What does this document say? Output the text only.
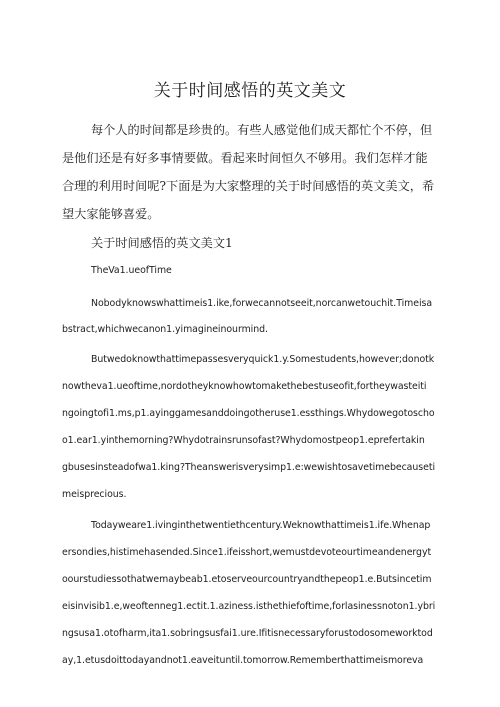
关于时间感悟的英文美文

每个人的时间都是珍贵的。有些人感觉他们成天都忙个不停，但

是他们还是有好多事情要做。看起来时间恒久不够用。我们怎样才能

合理的利用时间呢?下面是为大家整理的关于时间感悟的英文美文，希

望大家能够喜爱。

关于时间感悟的英文美文1

TheVa1.ueofTime

Nobodyknowswhattimeis1.ike,forwecannotseeit,norcanwetouchit.Timeisa

bstract,whichwecanon1.yimagineinourmind.

Butwedoknowthattimepassesveryquick1.y.Somestudents,however;donotk

nowtheva1.ueoftime,nordotheyknowhowtomakethebestuseofit,fortheywasteiti

ngoingtofi1.ms,p1.ayinggamesanddoingotheruse1.essthings.Whydowegotoscho

o1.ear1.yinthemorning?Whydotrainsrunsofast?Whydomostpeop1.eprefertakin

gbusesinsteadofwa1.king?Theanswerisverysimp1.e:wewishtosavetimebecauseti

meisprecious.

Todayweare1.ivinginthetwentiethcentury.Weknowthattimeis1.ife.Whenap

ersondies,histimehasended.Since1.ifeisshort,wemustdevoteourtimeandenergyt

oourstudiessothatwemaybeab1.etoserveourcountryandthepeop1.e.Butsincetim

eisinvisib1.e,weoftenneg1.ectit.1.aziness.isthethiefoftime,forlasinessnoton1.ybri

ngsusa1.otofharm,ita1.sobringsusfai1.ure.Ifitisnecessaryforustodosomeworktod

ay,1.etusdoittodayandnot1.eaveituntil.tomorrow.Rememberthattimeismoreva
